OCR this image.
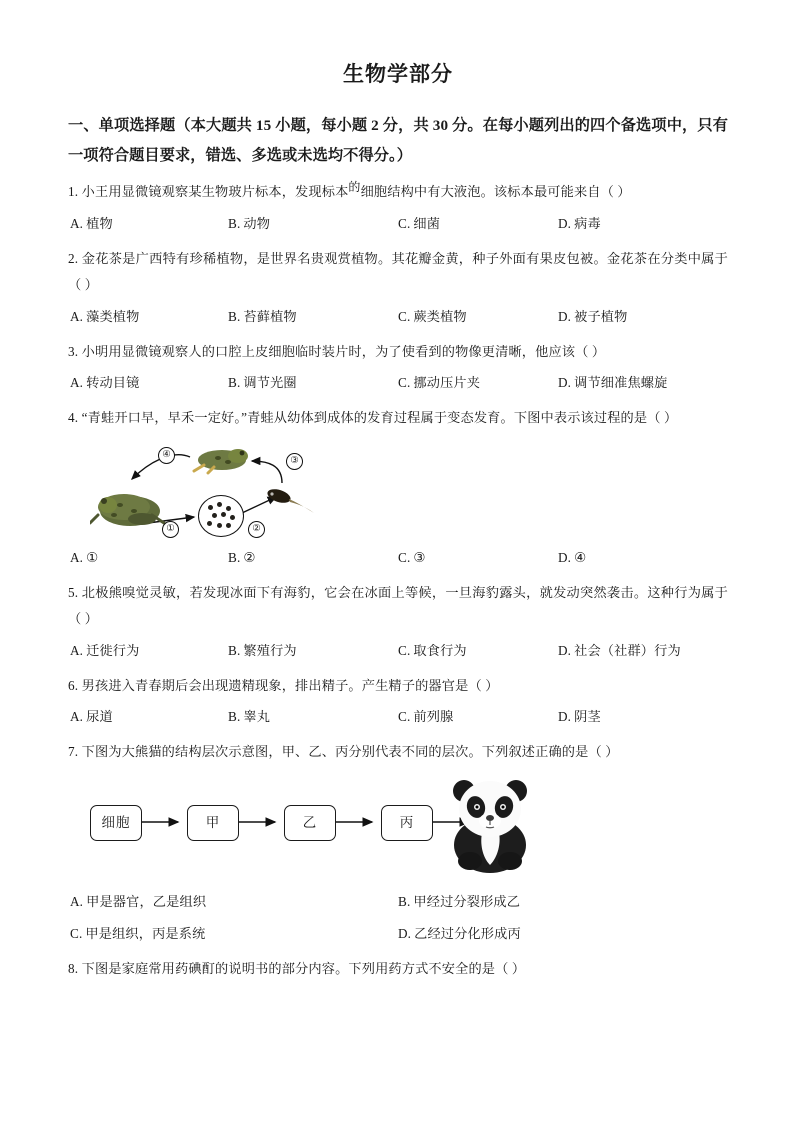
生物学部分
一、单项选择题（本大题共 15 小题，每小题 2 分，共 30 分。在每小题列出的四个备选项中，只有一项符合题目要求，错选、多选或未选均不得分。）
1. 小王用显微镜观察某生物玻片标本，发现标本的细胞结构中有大液泡。该标本最可能来自（ ）
A. 植物	B. 动物	C. 细菌	D. 病毒
2. 金花茶是广西特有珍稀植物，是世界名贵观赏植物。其花瓣金黄，种子外面有果皮包被。金花茶在分类中属于（ ）
A. 藻类植物	B. 苔藓植物	C. 蕨类植物	D. 被子植物
3. 小明用显微镜观察人的口腔上皮细胞临时装片时，为了使看到的物像更清晰，他应该（ ）
A. 转动目镜	B. 调节光圈	C. 挪动压片夹	D. 调节细准焦螺旋
4. “青蛙开口早，早禾一定好。”青蛙从幼体到成体的发育过程属于变态发育。下图中表示该过程的是（ ）
①	②
③
④
A. ①	B. ②	C. ③	D. ④
5. 北极熊嗅觉灵敏，若发现冰面下有海豹，它会在冰面上等候，一旦海豹露头，就发动突然袭击。这种行为属于（ ）
A. 迁徙行为	B. 繁殖行为	C. 取食行为	D. 社会（社群）行为
6. 男孩进入青春期后会出现遗精现象，排出精子。产生精子的器官是（ ）
A. 尿道	B. 睾丸	C. 前列腺	D. 阴茎
7. 下图为大熊猫的结构层次示意图，甲、乙、丙分别代表不同的层次。下列叙述正确的是（ ）
细胞	甲	乙	丙
A. 甲是器官，乙是组织	B. 甲经过分裂形成乙
C. 甲是组织，丙是系统	D. 乙经过分化形成丙
8. 下图是家庭常用药碘酊的说明书的部分内容。下列用药方式不安全的是（ ）
